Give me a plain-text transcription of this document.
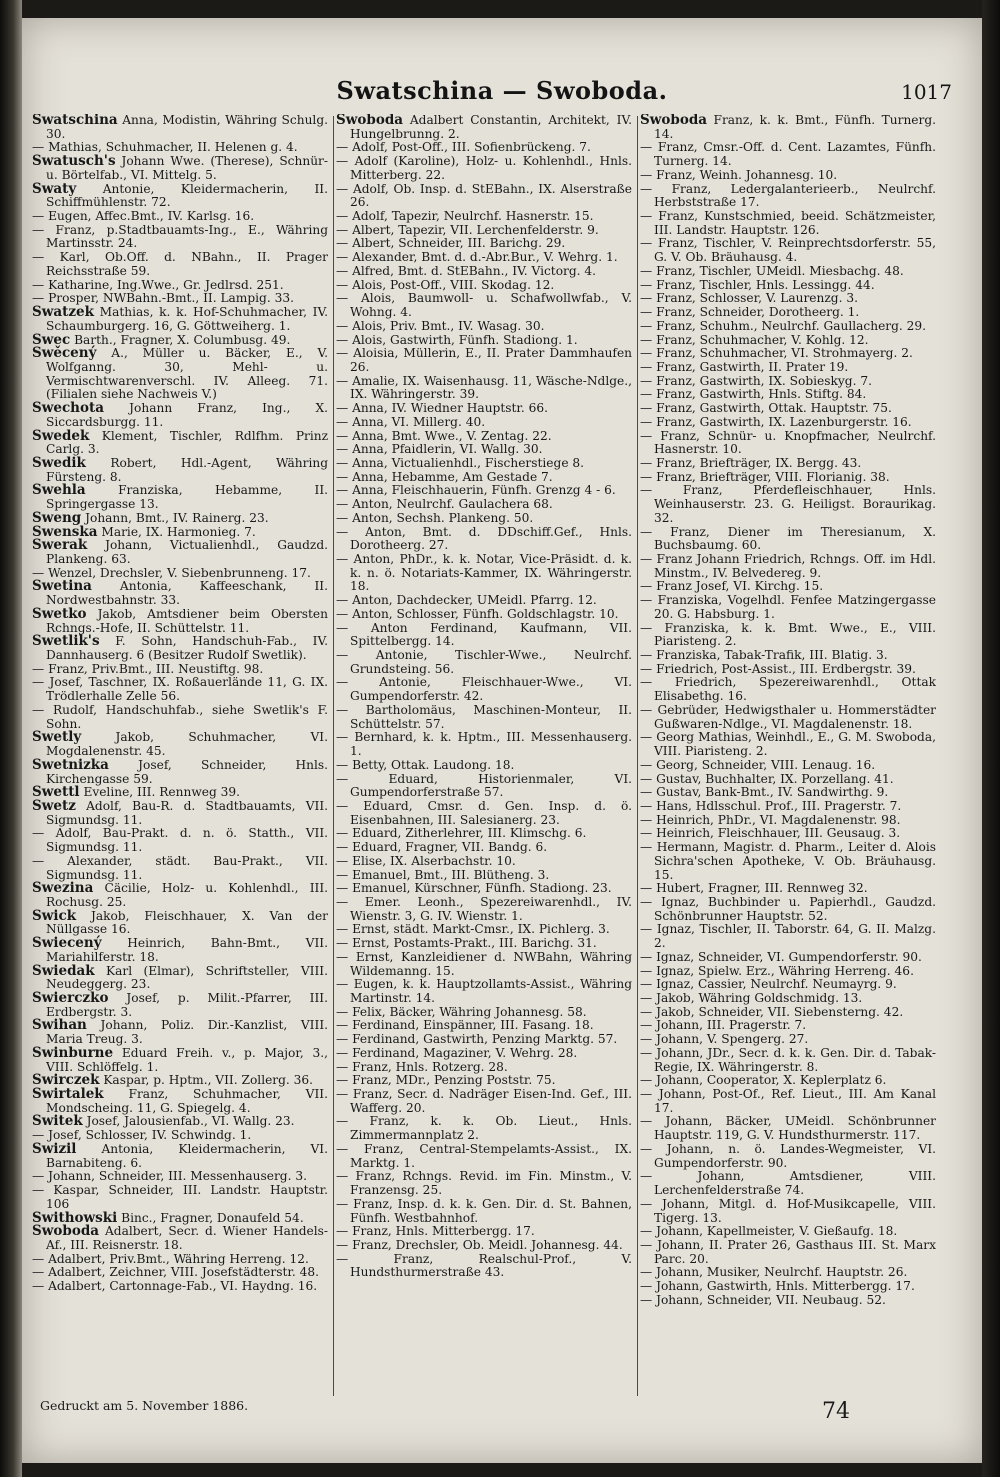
Swatschina — Swoboda.	1017

Swatschina Anna, Modistin, Währing Schulg. 30.

— Mathias, Schuhmacher, II. Helenen g. 4.

Swatusch's Johann Wwe. (Therese), Schnür- u. Börtelfab., VI. Mittelg. 5.

Swaty Antonie, Kleidermacherin, II. Schiffmühlenstr. 72.

— Eugen, Affec.Bmt., IV. Karlsg. 16.

— Franz, p.Stadtbauamts-Ing., E., Währing Martinsstr. 24.

— Karl, Ob.Off. d. NBahn., II. Prager Reichsstraße 59.

— Katharine, Ing.Wwe., Gr. Jedlrsd. 251.

— Prosper, NWBahn.-Bmt., II. Lampig. 33.

Swatzek Mathias, k. k. Hof-Schuhmacher, IV. Schaumburgerg. 16, G. Göttweiherg. 1.

Swec Barth., Fragner, X. Columbusg. 49.

Swěcený A., Müller u. Bäcker, E., V. Wolfganng. 30, Mehl- u. Vermischtwarenverschl. IV. Alleeg. 71. (Filialen siehe Nachweis V.)

Swechota Johann Franz, Ing., X. Siccardsburgg. 11.

Swedek Klement, Tischler, Rdlfhm. Prinz Carlg. 3.

Swedik Robert, Hdl.-Agent, Währing Fürsteng. 8.

Swehla	Franziska, Hebamme, II. Springergasse 13.

Sweng Johann, Bmt., IV. Rainerg. 23.

Swenska Marie, IX. Harmonieg. 7.

Swerak Johann, Victualienhdl., Gaudzd. Plankeng. 63.

— Wenzel, Drechsler, V. Siebenbrunneng. 17.

Swetina Antonia, Kaffeeschank, II. Nordwestbahnstr. 33.

Swetko Jakob, Amtsdiener beim Obersten Rchngs.-Hofe, II. Schüttelstr. 11.

Swetlik's F. Sohn, Handschuh-Fab., IV. Dannhauserg. 6 (Besitzer Rudolf Swetlik).

— Franz, Priv.Bmt., III. Neustiftg. 98.

— Josef, Taschner, IX. Roßauerlände 11, G. IX. Trödlerhalle Zelle 56.

— Rudolf, Handschuhfab., siehe Swetlik's F. Sohn.

Swetly	Jakob, Schuhmacher, VI. Mogdalenenstr. 45.

Swetnizka Josef, Schneider, Hnls. Kirchengasse 59.

Swettl Eveline, III. Rennweg 39.

Swetz Adolf, Bau-R. d. Stadtbauamts, VII. Sigmundsg. 11.

— Adolf, Bau-Prakt. d. n. ö. Statth., VII. Sigmundsg. 11.

— Alexander, städt. Bau-Prakt., VII. Sigmundsg. 11.

Swezina Cäcilie, Holz- u. Kohlenhdl., III. Rochusg. 25.

Swick Jakob, Fleischhauer, X. Van der Nüllgasse 16.

Swiecený Heinrich, Bahn-Bmt., VII. Mariahilferstr. 18.

Swiedak Karl (Elmar), Schriftsteller, VIII. Neudeggerg. 23.

Swierczko Josef, p. Milit.-Pfarrer, III. Erdbergstr. 3.

Swihan Johann, Poliz. Dir.-Kanzlist, VIII. Maria Treug. 3.

Swinburne Eduard Freih. v., p. Major, 3., VIII. Schlöffelg. 1.

Swirczek Kaspar, p. Hptm., VII. Zollerg. 36.

Swirtalek Franz, Schuhmacher, VII. Mondscheing. 11, G. Spiegelg. 4.

Switek Josef, Jalousienfab., VI. Wallg. 23.

— Josef, Schlosser, IV. Schwindg. 1.

Swizil Antonia, Kleidermacherin, VI. Barnabiteng. 6.

— Johann, Schneider, III. Messenhauserg. 3.

— Kaspar, Schneider, III. Landstr. Hauptstr. 106

Swithowski Binc., Fragner, Donaufeld 54.

Swoboda Adalbert, Secr. d. Wiener Handels-Af., III. Reisnerstr. 18.

— Adalbert, Priv.Bmt., Währing Herreng. 12.

— Adalbert, Zeichner, VIII. Josefstädterstr. 48.

— Adalbert, Cartonnage-Fab., VI. Haydng. 16.

Swoboda Adalbert Constantin, Architekt, IV. Hungelbrunng. 2.

— Adolf, Post-Off., III. Sofienbrückeng. 7.

— Adolf (Karoline), Holz- u. Kohlenhdl., Hnls. Mitterberg. 22.

— Adolf, Ob. Insp. d. StEBahn., IX. Alserstraße 26.

— Adolf, Tapezir, Neulrchf. Hasnerstr. 15.

— Albert, Tapezir, VII. Lerchenfelderstr. 9.

— Albert, Schneider, III. Barichg. 29.

— Alexander, Bmt. d. d.-Abr.Bur., V. Wehrg. 1.

— Alfred, Bmt. d. StEBahn., IV. Victorg. 4.

— Alois, Post-Off., VIII. Skodag. 12.

— Alois, Baumwoll- u. Schafwollwfab., V. Wohng. 4.

— Alois, Priv. Bmt., IV. Wasag. 30.

— Alois, Gastwirth, Fünfh. Stadiong. 1.

— Aloisia, Müllerin, E., II. Prater Dammhaufen 26.

— Amalie, IX. Waisenhausg. 11, Wäsche-Ndlge., IX. Währingerstr. 39.

— Anna, IV. Wiedner Hauptstr. 66.

— Anna, VI. Millerg. 40.

— Anna, Bmt. Wwe., V. Zentag. 22.

— Anna, Pfaidlerin, VI. Wallg. 30.

— Anna, Victualienhdl., Fischerstiege 8.

— Anna, Hebamme, Am Gestade 7.

— Anna, Fleischhauerin, Fünfh. Grenzg 4 - 6.

— Anton, Neulrchf. Gaulachera 68.

— Anton, Sechsh. Plankeng. 50.

— Anton, Bmt. d. DDschiff.Gef., Hnls. Dorotheerg. 27.

— Anton, PhDr., k. k. Notar, Vice-Präsidt. d. k. k. n. ö. Notariats-Kammer, IX. Währingerstr. 18.

— Anton, Dachdecker, UMeidl. Pfarrg. 12.

— Anton, Schlosser, Fünfh. Goldschlagstr. 10.

— Anton Ferdinand, Kaufmann, VII. Spittelbergg. 14.

— Antonie, Tischler-Wwe., Neulrchf. Grundsteing. 56.

—	Antonie, Fleischhauer-Wwe., VI. Gumpendorferstr. 42.

— Bartholomäus, Maschinen-Monteur, II. Schüttelstr. 57.

— Bernhard, k. k. Hptm., III. Messenhauserg. 1.

— Betty, Ottak. Laudong. 18.

—	Eduard, Historienmaler, VI. Gumpendorferstraße 57.

— Eduard, Cmsr. d. Gen. Insp. d. ö. Eisenbahnen, III. Salesianerg. 23.

— Eduard, Zitherlehrer, III. Klimschg. 6.

— Eduard, Fragner, VII. Bandg. 6.

— Elise, IX. Alserbachstr. 10.

— Emanuel, Bmt., III. Blütheng. 3.

— Emanuel, Kürschner, Fünfh. Stadiong. 23.

— Emer. Leonh., Spezereiwarenhdl., IV. Wienstr. 3, G. IV. Wienstr. 1.

— Ernst, städt. Markt-Cmsr., IX. Pichlerg. 3.

— Ernst, Postamts-Prakt., III. Barichg. 31.

— Ernst, Kanzleidiener d. NWBahn, Währing Wildemanng. 15.

— Eugen, k. k. Hauptzollamts-Assist., Währing Martinstr. 14.

— Felix, Bäcker, Währing Johannesg. 58.

— Ferdinand, Einspänner, III. Fasang. 18.

— Ferdinand, Gastwirth, Penzing Marktg. 57.

— Ferdinand, Magaziner, V. Wehrg. 28.

— Franz, Hnls. Rotzerg. 28.

— Franz, MDr., Penzing Poststr. 75.

— Franz, Secr. d. Nadräger Eisen-Ind. Gef., III. Wafferg. 20.

— Franz, k. k. Ob. Lieut., Hnls. Zimmermannplatz 2.

— Franz, Central-Stempelamts-Assist., IX. Marktg. 1.

— Franz, Rchngs. Revid. im Fin. Minstm., V. Franzensg. 25.

— Franz, Insp. d. k. k. Gen. Dir. d. St. Bahnen, Fünfh. Westbahnhof.

— Franz, Hnls. Mitterbergg. 17.

— Franz, Drechsler, Ob. Meidl. Johannesg. 44.

—	Franz, Realschul-Prof., V. Hundsthurmerstraße 43.

Swoboda Franz, k. k. Bmt., Fünfh. Turnerg. 14.

— Franz, Cmsr.-Off. d. Cent. Lazamtes, Fünfh. Turnerg. 14.

— Franz, Weinh. Johannesg. 10.

— Franz, Ledergalanterieerb., Neulrchf. Herbststraße 17.

— Franz, Kunstschmied, beeid. Schätzmeister, III. Landstr. Hauptstr. 126.

— Franz, Tischler, V. Reinprechtsdorferstr. 55, G. V. Ob. Bräuhausg. 4.

— Franz, Tischler, UMeidl. Miesbachg. 48.

— Franz, Tischler, Hnls. Lessingg. 44.

— Franz, Schlosser, V. Laurenzg. 3.

— Franz, Schneider, Dorotheerg. 1.

— Franz, Schuhm., Neulrchf. Gaullacherg. 29.

— Franz, Schuhmacher, V. Kohlg. 12.

— Franz, Schuhmacher, VI. Strohmayerg. 2.

— Franz, Gastwirth, II. Prater 19.

— Franz, Gastwirth, IX. Sobieskyg. 7.

— Franz, Gastwirth, Hnls. Stiftg. 84.

— Franz, Gastwirth, Ottak. Hauptstr. 75.

— Franz, Gastwirth, IX. Lazenburgerstr. 16.

— Franz, Schnür- u. Knopfmacher, Neulrchf. Hasnerstr. 10.

— Franz, Briefträger, IX. Bergg. 43.

— Franz, Briefträger, VIII. Florianig. 38.

—	Franz, Pferdefleischhauer, Hnls. Weinhauserstr. 23. G. Heiligst. Boraurikag. 32.

— Franz, Diener im Theresianum, X. Buchsbaumg. 60.

— Franz Johann Friedrich, Rchngs. Off. im Hdl. Minstm., IV. Belvedereg. 9.

— Franz Josef, VI. Kirchg. 15.

— Franziska, Vogelhdl. Fenfee Matzingergasse 20. G. Habsburg. 1.

— Franziska, k. k. Bmt. Wwe., E., VIII. Piaristeng. 2.

— Franziska, Tabak-Trafik, III. Blatig. 3.

— Friedrich, Post-Assist., III. Erdbergstr. 39.

— Friedrich, Spezereiwarenhdl., Ottak Elisabethg. 16.

— Gebrüder, Hedwigsthaler u. Hommerstädter Gußwaren-Ndlge., VI. Magdalenenstr. 18.

— Georg Mathias, Weinhdl., E., G. M. Swoboda, VIII. Piaristeng. 2.

— Georg, Schneider, VIII. Lenaug. 16.

— Gustav, Buchhalter, IX. Porzellang. 41.

— Gustav, Bank-Bmt., IV. Sandwirthg. 9.

— Hans, Hdlsschul. Prof., III. Pragerstr. 7.

— Heinrich, PhDr., VI. Magdalenenstr. 98.

— Heinrich, Fleischhauer, III. Geusaug. 3.

— Hermann, Magistr. d. Pharm., Leiter d. Alois Sichra'schen Apotheke, V. Ob. Bräuhausg. 15.

— Hubert, Fragner, III. Rennweg 32.

— Ignaz, Buchbinder u. Papierhdl., Gaudzd. Schönbrunner Hauptstr. 52.

— Ignaz, Tischler, II. Taborstr. 64, G. II. Malzg. 2.

— Ignaz, Schneider, VI. Gumpendorferstr. 90.

— Ignaz, Spielw. Erz., Währing Herreng. 46.

— Ignaz, Cassier, Neulrchf. Neumayrg. 9.

— Jakob, Währing Goldschmidg. 13.

— Jakob, Schneider, VII. Siebensterng. 42.

— Johann, III. Pragerstr. 7.

— Johann, V. Spengerg. 27.

— Johann, JDr., Secr. d. k. k. Gen. Dir. d. Tabak-Regie, IX. Währingerstr. 8.

— Johann, Cooperator, X. Keplerplatz 6.

— Johann, Post-Of., Ref. Lieut., III. Am Kanal 17.

— Johann, Bäcker, UMeidl. Schönbrunner Hauptstr. 119, G. V. Hundsthurmerstr. 117.

— Johann, n. ö. Landes-Wegmeister, VI. Gumpendorferstr. 90.

—	Johann, Amtsdiener, VIII. Lerchenfelderstraße 74.

— Johann, Mitgl. d. Hof-Musikcapelle, VIII. Tigerg. 13.

— Johann, Kapellmeister, V. Gießaufg. 18.

— Johann, II. Prater 26, Gasthaus III. St. Marx Parc. 20.

— Johann, Musiker, Neulrchf. Hauptstr. 26.

— Johann, Gastwirth, Hnls. Mitterbergg. 17.

— Johann, Schneider, VII. Neubaug. 52.

Gedruckt am 5. November 1886.	74
